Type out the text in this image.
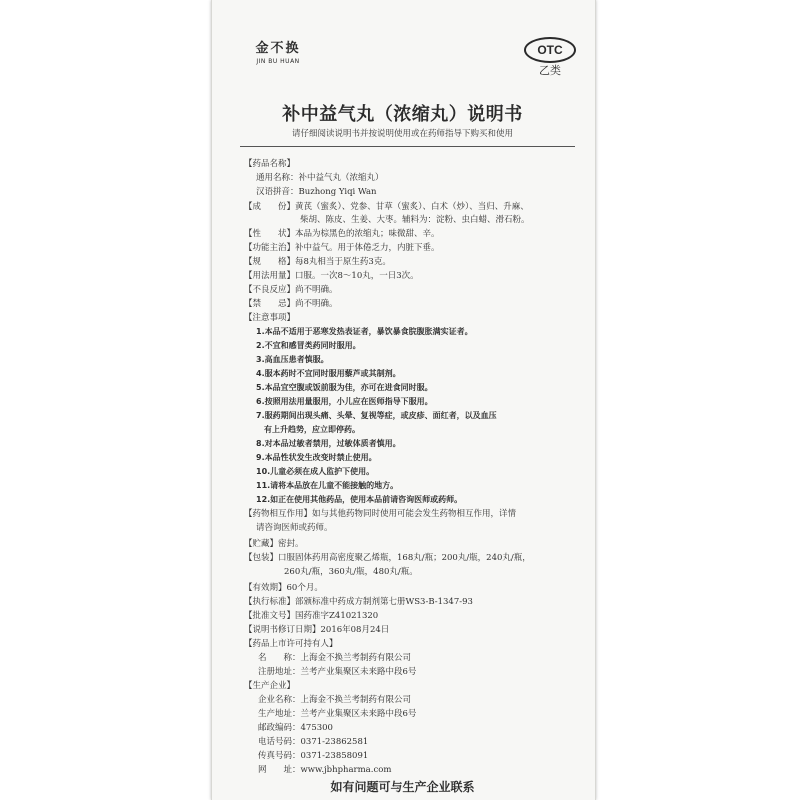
金不换
JIN BU HUAN
OTC
乙类
补中益气丸（浓缩丸）说明书
请仔细阅读说明书并按说明使用或在药师指导下购买和使用
【药品名称】
通用名称：补中益气丸（浓缩丸）
汉语拼音：Buzhong Yiqi Wan
【成　　份】黄芪（蜜炙）、党参、甘草（蜜炙）、白术（炒）、当归、升麻、
柴胡、陈皮、生姜、大枣。辅料为：淀粉、虫白蜡、滑石粉。
【性　　状】本品为棕黑色的浓缩丸；味微甜、辛。
【功能主治】补中益气。用于体倦乏力，内脏下垂。
【规　　格】每8丸相当于原生药3克。
【用法用量】口服。一次8～10丸，一日3次。
【不良反应】尚不明确。
【禁　　忌】尚不明确。
【注意事项】
1.本品不适用于恶寒发热表证者，暴饮暴食脘腹胀满实证者。
2.不宜和感冒类药同时服用。
3.高血压患者慎服。
4.服本药时不宜同时服用藜芦或其制剂。
5.本品宜空腹或饭前服为佳，亦可在进食同时服。
6.按照用法用量服用，小儿应在医师指导下服用。
7.服药期间出现头痛、头晕、复视等症，或皮疹、面红者，以及血压
有上升趋势，应立即停药。
8.对本品过敏者禁用，过敏体质者慎用。
9.本品性状发生改变时禁止使用。
10.儿童必须在成人监护下使用。
11.请将本品放在儿童不能接触的地方。
12.如正在使用其他药品，使用本品前请咨询医师或药师。
【药物相互作用】如与其他药物同时使用可能会发生药物相互作用，详情
请咨询医师或药师。
【贮藏】密封。
【包装】口服固体药用高密度聚乙烯瓶，168丸/瓶；200丸/瓶，240丸/瓶，
260丸/瓶，360丸/瓶，480丸/瓶。
【有效期】60个月。
【执行标准】部颁标准中药成方制剂第七册WS3-B-1347-93
【批准文号】国药准字Z41021320
【说明书修订日期】2016年08月24日
【药品上市许可持有人】
名　　称：上海金不换兰考制药有限公司
注册地址：兰考产业集聚区未来路中段6号
【生产企业】
企业名称：上海金不换兰考制药有限公司
生产地址：兰考产业集聚区未来路中段6号
邮政编码：475300
电话号码：0371-23862581
传真号码：0371-23858091
网　　址：www.jbhpharma.com
如有问题可与生产企业联系
